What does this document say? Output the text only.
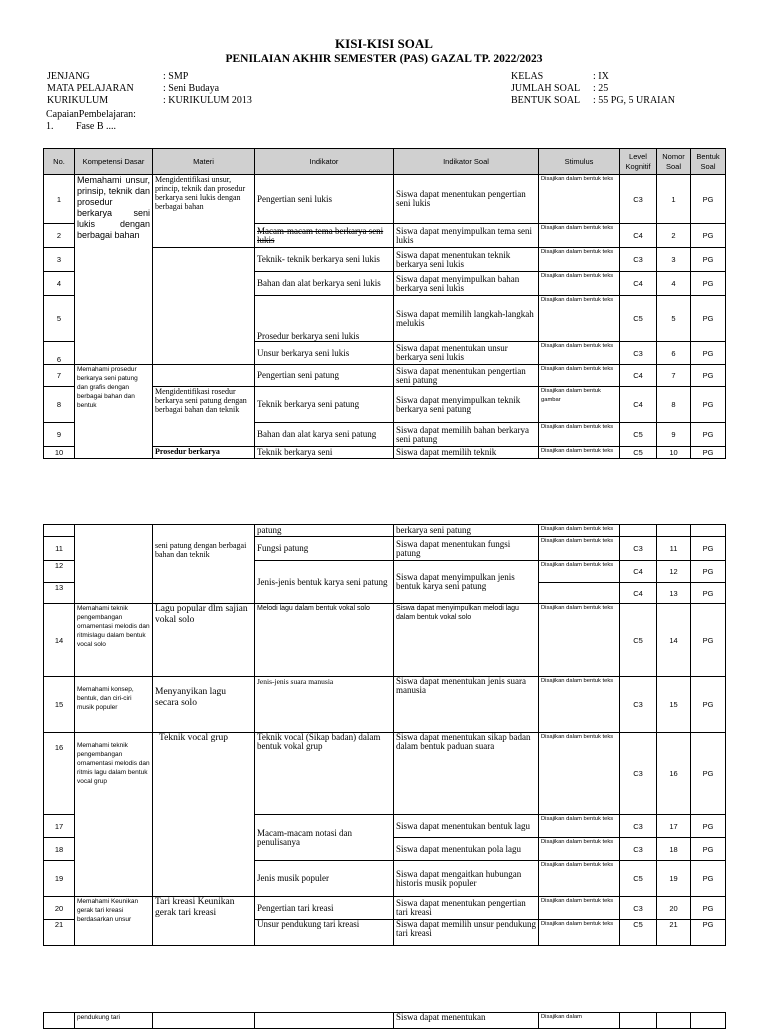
KISI-KISI SOAL
PENILAIAN AKHIR SEMESTER (PAS) GAZAL TP. 2022/2023
JENJANG	: SMP
MATA PELAJARAN	: Seni Budaya
KURIKULUM	: KURIKULUM 2013
KELAS	: IX
JUMLAH SOAL	: 25
BENTUK SOAL	: 55 PG, 5 URAIAN
CapaianPembelajaran:
1. Fase B ....
No.	Kompetensi Dasar	Materi	Indikator	Indikator Soal	Stimulus	Level Kognitif	Nomor Soal	Bentuk Soal
1	Memahami unsur, prinsip, teknik dan prosedur berkarya seni lukis dengan berbagai bahan	Mengidentifikasi unsur, princip, teknik dan prosedur berkarya seni lukis dengan berbagai bahan	Pengertian seni lukis	Siswa dapat menentukan pengertian seni lukis	Disajikan dalam bentuk teks	C3	1	PG
2			Macam-macam tema berkarya seni lukis	Siswa dapat menyimpulkan tema seni lukis	Disajikan dalam bentuk teks	C4	2	PG
3			Teknik- teknik berkarya seni lukis	Siswa dapat menentukan teknik berkarya seni lukis	Disajikan dalam bentuk teks	C3	3	PG
4			Bahan dan alat berkarya seni lukis	Siswa dapat menyimpulkan bahan berkarya seni lukis	Disajikan dalam bentuk teks	C4	4	PG
5			Prosedur berkarya seni lukis	Siswa dapat memilih langkah-langkah melukis	Disajikan dalam bentuk teks	C5	5	PG
6			Unsur berkarya seni lukis	Siswa dapat menentukan unsur berkarya seni lukis	Disajikan dalam bentuk teks	C3	6	PG
7	Memahami prosedur berkarya seni patung dan grafis dengan berbagai bahan dan bentuk		Pengertian seni patung	Siswa dapat menentukan pengertian seni patung	Disajikan dalam bentuk teks	C4	7	PG
8		Mengidentifikasi rosedur berkarya seni patung dengan berbagai bahan dan teknik	Teknik berkarya seni patung	Siswa dapat menyimpulkan teknik berkarya seni patung	Disajikan dalam bentuk gambar	C4	8	PG
9			Bahan dan alat karya seni patung	Siswa dapat memilih bahan berkarya seni patung	Disajikan dalam bentuk teks	C5	9	PG
10		Prosedur berkarya	Teknik berkarya seni	Siswa dapat memilih teknik	Disajikan dalam bentuk teks	C5	10	PG
		seni patung dengan berbagai bahan dan teknik	patung	berkarya seni patung	Disajikan dalam bentuk teks			
11			Fungsi patung	Siswa dapat menentukan fungsi patung	Disajikan dalam bentuk teks	C3	11	PG
12			Jenis-jenis bentuk karya seni patung	Siswa dapat menyimpulkan jenis bentuk karya seni patung	Disajikan dalam bentuk teks	C4	12	PG
13						C4	13	PG
14	Memahami teknik pengembangan ornamentasi melodis dan ritmislagu dalam bentuk vocal solo	Lagu popular dlm sajian vokal solo	Melodi lagu dalam bentuk vokal solo	Siswa dapat menyimpulkan melodi lagu dalam bentuk vokal solo	Disajikan dalam bentuk teks	C5	14	PG
15	Memahami konsep, bentuk, dan ciri-ciri musik populer	Menyanyikan lagu secara solo	Jenis-jenis suara manusia	Siswa dapat menentukan jenis suara manusia	Disajikan dalam bentuk teks	C3	15	PG
16	Memahami teknik pengembangan ornamentasi melodis dan ritmis lagu dalam bentuk vocal grup	Teknik vocal grup	Teknik vocal (Sikap badan) dalam bentuk vokal grup	Siswa dapat menentukan sikap badan dalam bentuk paduan suara	Disajikan dalam bentuk teks	C3	16	PG
17			Macam-macam notasi dan penulisanya	Siswa dapat menentukan bentuk lagu	Disajikan dalam bentuk teks	C3	17	PG
18				Siswa dapat menentukan pola lagu	Disajikan dalam bentuk teks	C3	18	PG
19			Jenis musik populer	Siswa dapat mengaitkan hubungan historis musik populer	Disajikan dalam bentuk teks	C5	19	PG
20	Memahami Keunikan gerak tari kreasi berdasarkan unsur	Tari kreasi Keunikan gerak tari kreasi	Pengertian tari kreasi	Siswa dapat menentukan pengertian tari kreasi	Disajikan dalam bentuk teks	C3	20	PG
21			Unsur pendukung tari kreasi	Siswa dapat memilih unsur pendukung tari kreasi	Disajikan dalam bentuk teks	C5	21	PG
	pendukung tari			Siswa dapat menentukan	Disajikan dalam			
